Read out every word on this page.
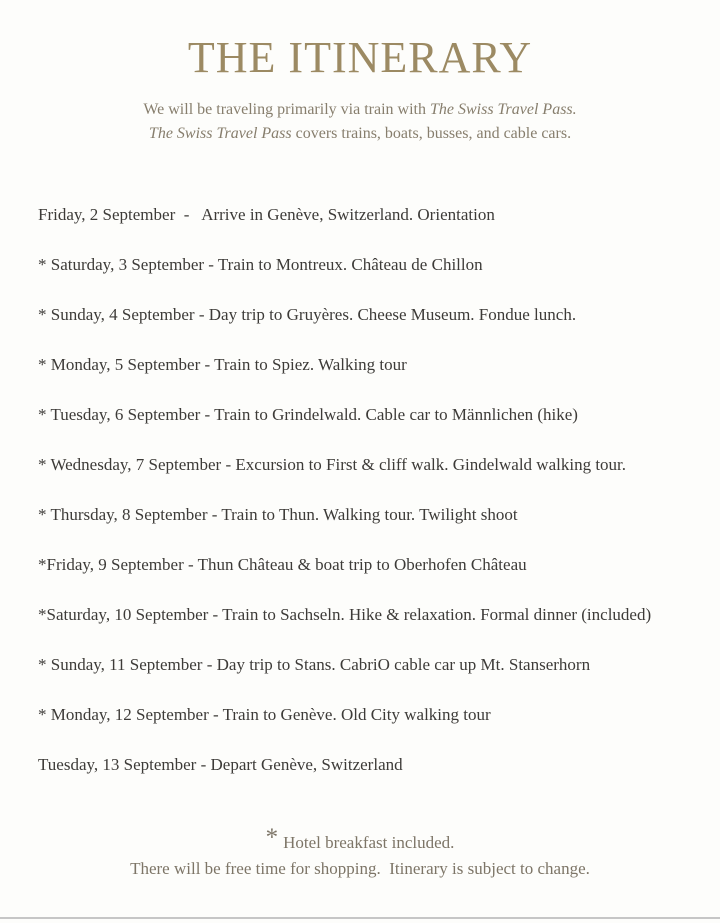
THE ITINERARY
We will be traveling primarily via train with The Swiss Travel Pass.
The Swiss Travel Pass covers trains, boats, busses, and cable cars.
Friday, 2 September  -   Arrive in Genève, Switzerland. Orientation
* Saturday, 3 September - Train to Montreux. Château de Chillon
* Sunday, 4 September - Day trip to Gruyères. Cheese Museum. Fondue lunch.
* Monday, 5 September - Train to Spiez. Walking tour
* Tuesday, 6 September - Train to Grindelwald. Cable car to Männlichen (hike)
* Wednesday, 7 September - Excursion to First & cliff walk. Gindelwald walking tour.
* Thursday, 8 September - Train to Thun. Walking tour. Twilight shoot
*Friday, 9 September - Thun Château & boat trip to Oberhofen Château
*Saturday, 10 September - Train to Sachseln. Hike & relaxation. Formal dinner (included)
* Sunday, 11 September - Day trip to Stans. CabriO cable car up Mt. Stanserhorn
* Monday, 12 September - Train to Genève. Old City walking tour
Tuesday, 13 September - Depart Genève, Switzerland
* Hotel breakfast included.
There will be free time for shopping.  Itinerary is subject to change.
